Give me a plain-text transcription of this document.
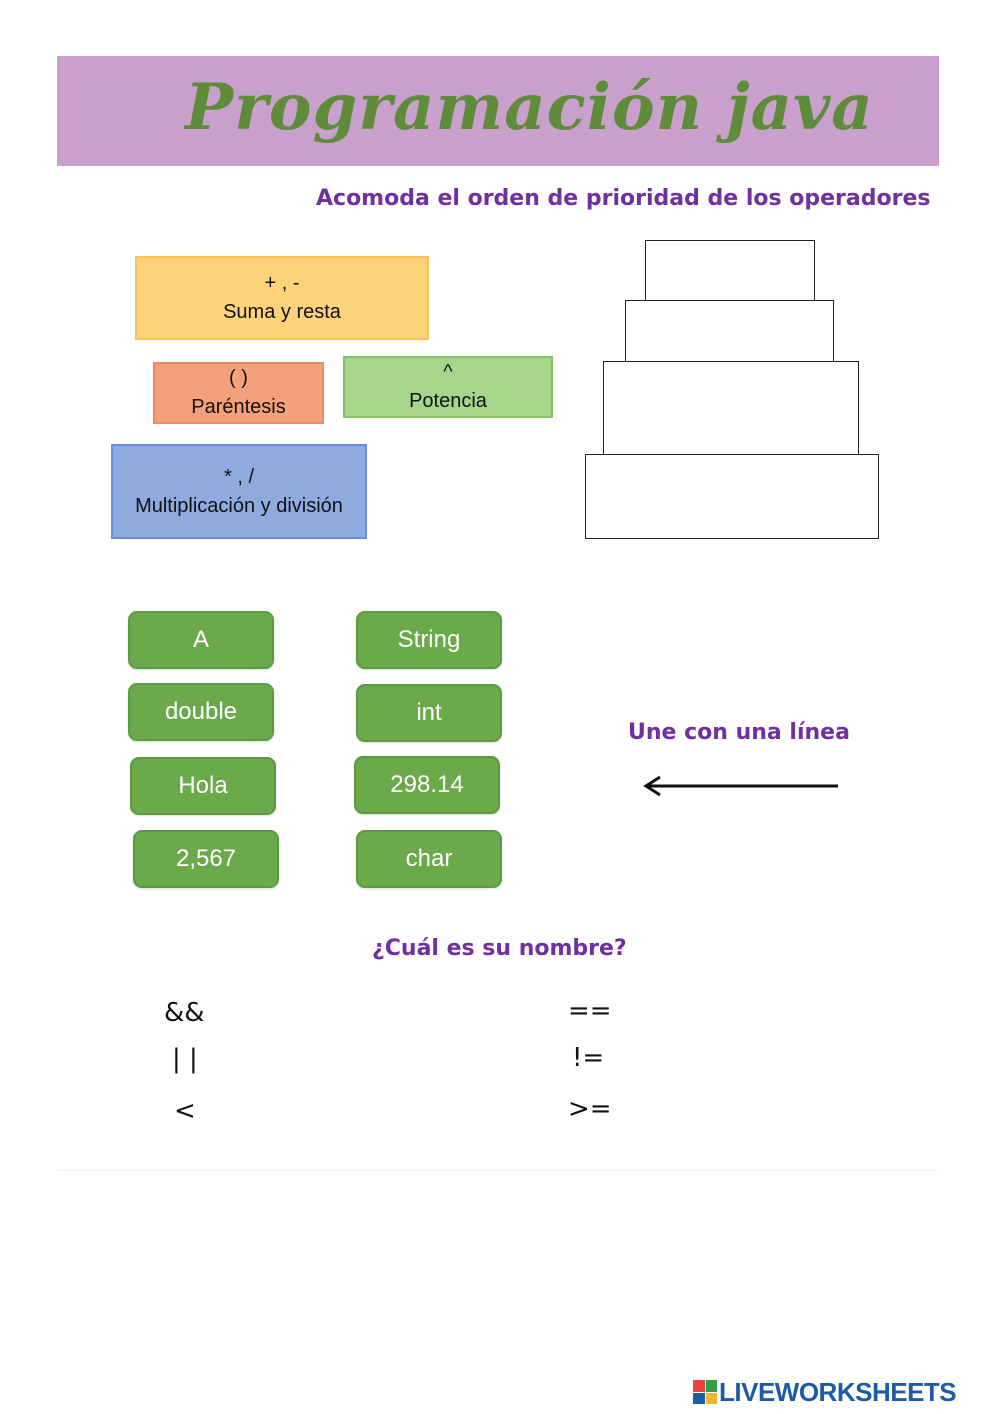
Programación java
Acomoda el orden de prioridad de los operadores
+ , -
Suma y resta
( )
Paréntesis
^
Potencia
* , /
Multiplicación y división
A
double
Hola
2,567
String
int
298.14
char
Une con una línea
¿Cuál es su nombre?
&&
| |
<
==
!=
>=
LIVEWORKSHEETS
